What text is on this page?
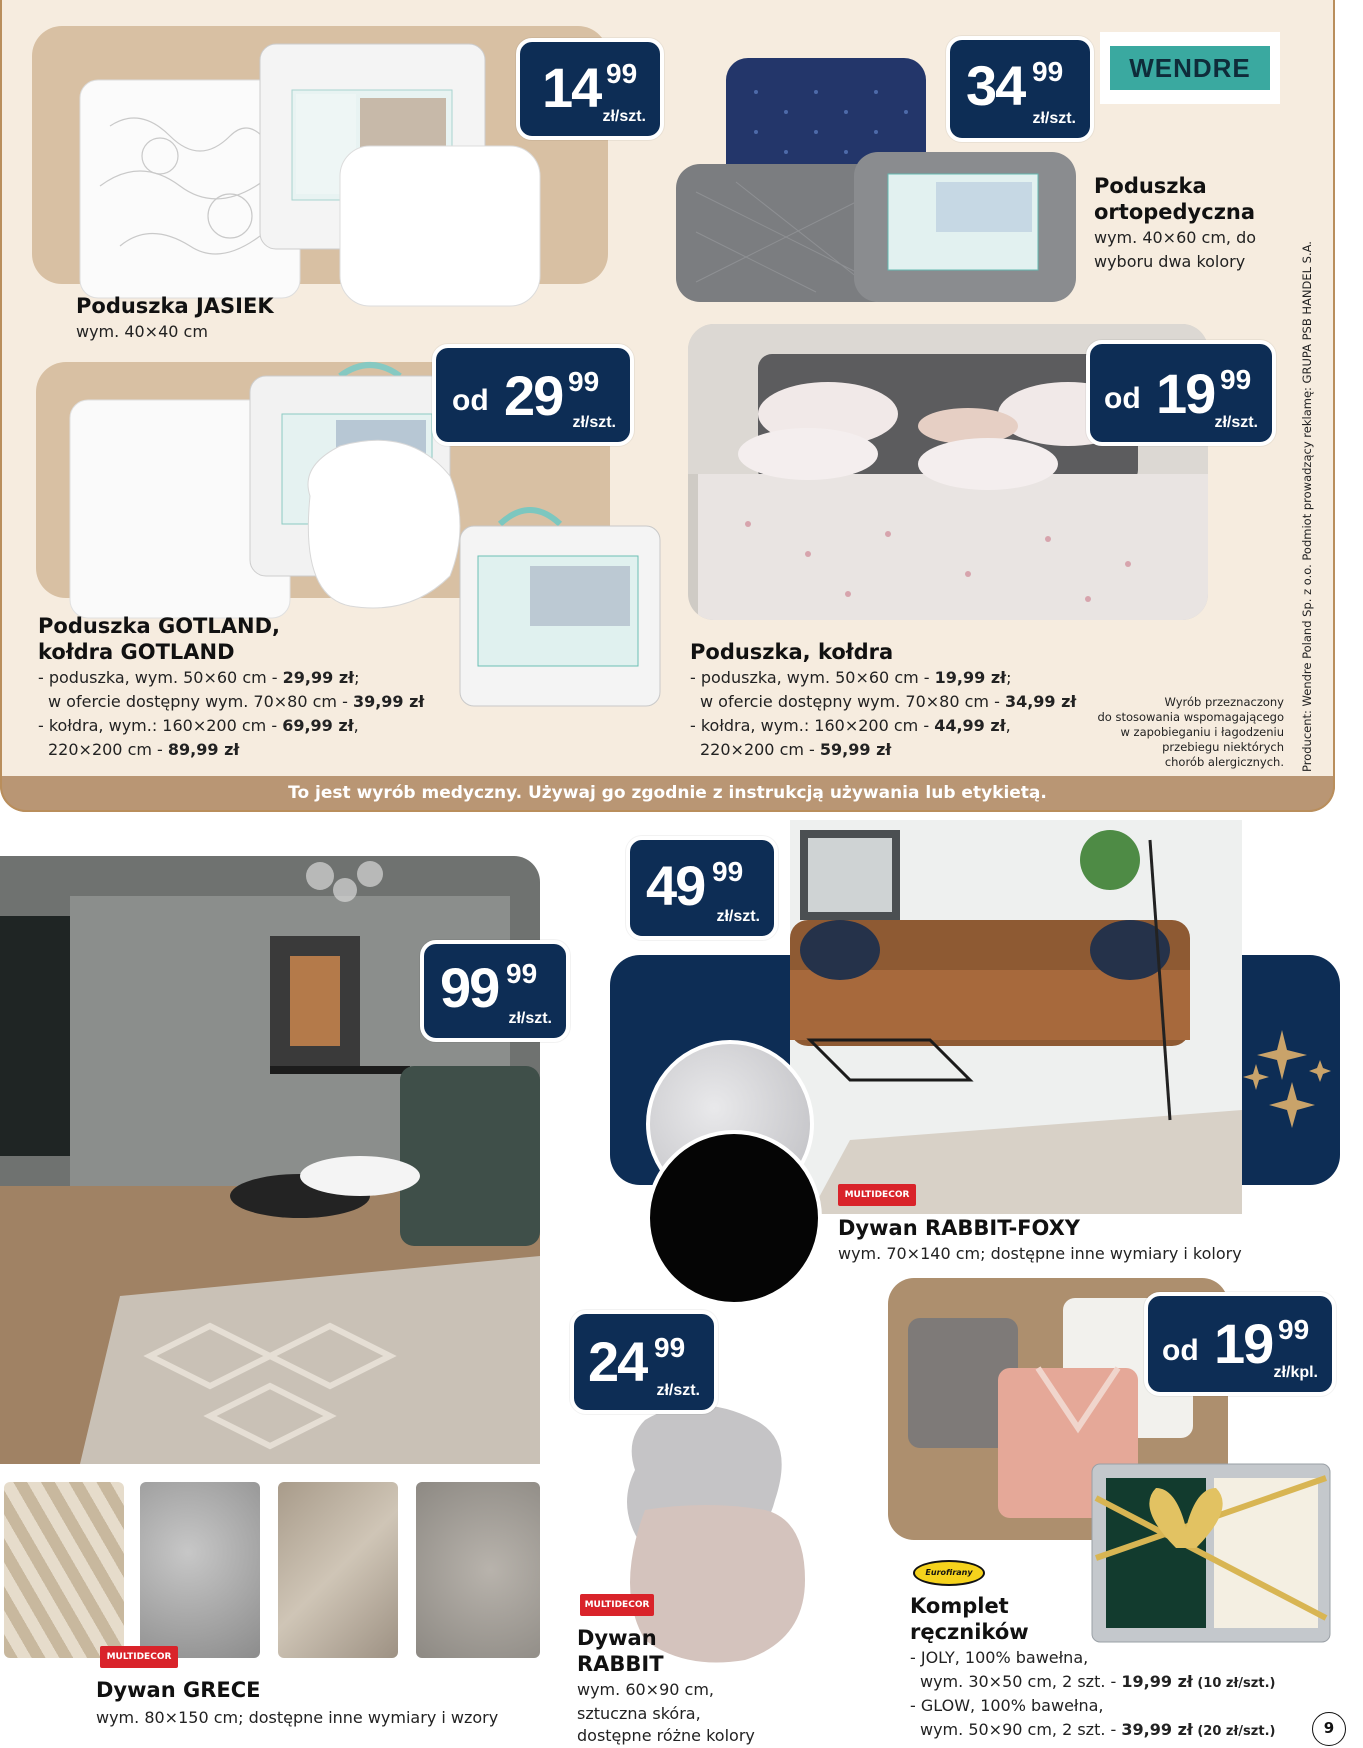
14 99
zł/szt.
Poduszka JASIEK
wym. 40×40 cm
34 99
zł/szt.
WENDRE
Poduszka
ortopedyczna
wym. 40×60 cm, do
wyboru dwa kolory
od 29 99
zł/szt.
Poduszka GOTLAND,
kołdra GOTLAND
- poduszka, wym. 50×60 cm - 29,99 zł;
w ofercie dostępny wym. 70×80 cm - 39,99 zł
- kołdra, wym.: 160×200 cm - 69,99 zł,
220×200 cm - 89,99 zł
od 19 99
zł/szt.
Poduszka, kołdra
- poduszka, wym. 50×60 cm - 19,99 zł;
w ofercie dostępny wym. 70×80 cm - 34,99 zł
- kołdra, wym.: 160×200 cm - 44,99 zł,
220×200 cm - 59,99 zł
Wyrób przeznaczony
do stosowania wspomagającego
w zapobieganiu i łagodzeniu
przebiegu niektórych
chorób alergicznych. Producent: Wendre Poland Sp. z o.o. Podmiot prowadzący reklamę: GRUPA PSB HANDEL S.A.
To jest wyrób medyczny. Używaj go zgodnie z instrukcją używania lub etykietą.
99 99
zł/szt.
MULTIDECOR
Dywan GRECE
wym. 80×150 cm; dostępne inne wymiary i wzory
49 99
zł/szt.
MULTIDECOR
Dywan RABBIT-FOXY
wym. 70×140 cm; dostępne inne wymiary i kolory
24 99
zł/szt.
MULTIDECOR
Dywan
RABBIT
wym. 60×90 cm,
sztuczna skóra,
dostępne różne kolory
od 19 99
zł/kpl.
Eurofirany
Komplet
ręczników
- JOLY, 100% bawełna,
wym. 30×50 cm, 2 szt. - 19,99 zł (10 zł/szt.)
- GLOW, 100% bawełna,
wym. 50×90 cm, 2 szt. - 39,99 zł (20 zł/szt.)	9
